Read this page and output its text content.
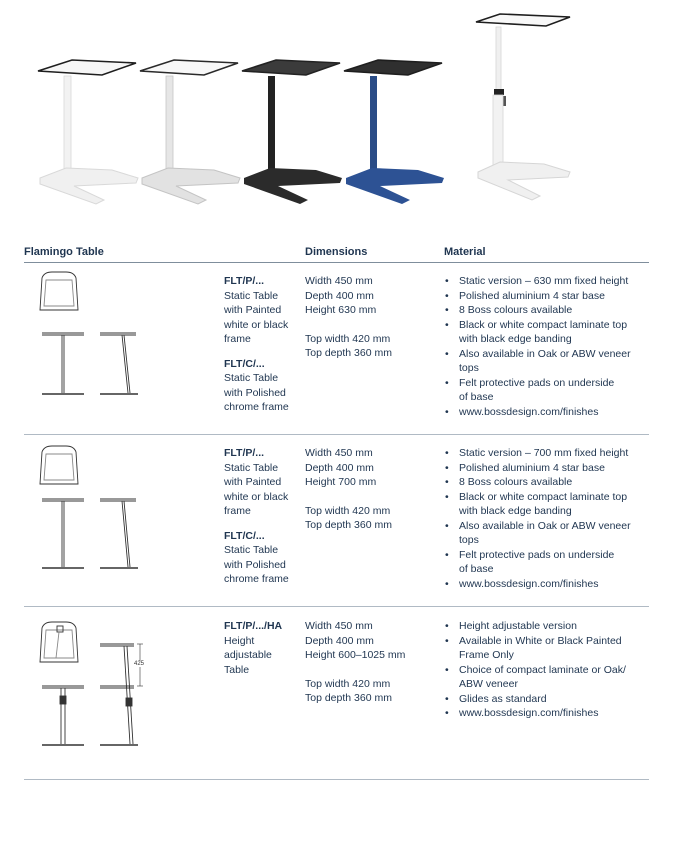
Flamingo Table	Dimensions	Material
FLT/P/...
Static Table
with Painted
white or black
frame
FLT/C/...
Static Table
with Polished
chrome frame
Width 450 mm
Depth 400 mm
Height 630 mm
Top width 420 mm
Top depth 360 mm
• Static version – 630 mm fixed height
• Polished aluminium 4 star base
• 8 Boss colours available
• Black or white compact laminate top
with black edge banding
• Also available in Oak or ABW veneer
tops
• Felt protective pads on underside
of base
• www.bossdesign.com/finishes
FLT/P/...
Static Table
with Painted
white or black
frame
FLT/C/...
Static Table
with Polished
chrome frame
Width 450 mm
Depth 400 mm
Height 700 mm
Top width 420 mm
Top depth 360 mm
• Static version – 700 mm fixed height
• Polished aluminium 4 star base
• 8 Boss colours available
• Black or white compact laminate top
with black edge banding
• Also available in Oak or ABW veneer
tops
• Felt protective pads on underside
of base
• www.bossdesign.com/finishes
425
FLT/P/.../HA
Height
adjustable
Table
Width 450 mm
Depth 400 mm
Height 600–1025 mm
Top width 420 mm
Top depth 360 mm
• Height adjustable version
• Available in White or Black Painted
Frame Only
• Choice of compact laminate or Oak/
ABW veneer
• Glides as standard
• www.bossdesign.com/finishes
